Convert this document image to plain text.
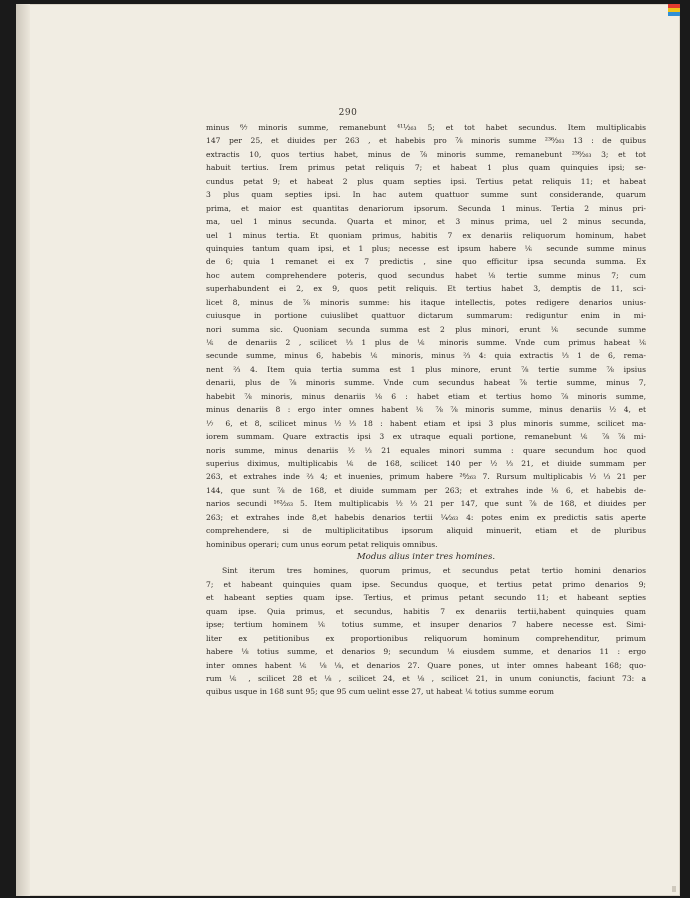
290
minus ⁶⁄₇ minoris summe, remanebunt ⁴¹¹⁄₂₆₃ 5; et tot habet secundus. Item multiplicabis
147 per 25, et diuides per 263 , et habebis pro ⁷⁄₈ minoris summe ²³⁶⁄₂₆₃ 13 : de quibus
extractis 10, quos tertius habet, minus de ⁷⁄₈ minoris summe, remanebunt ²³⁶⁄₂₆₃ 3; et tot
habuit tertius. Irem primus petat reliquis 7; et habeat 1 plus quam quinquies ipsi; se-
cundus petat 9; et habeat 2 plus quam septies ipsi. Tertius petat reliquis 11; et habeat
3 plus quam septies ipsi. In hac autem quattuor summe sunt considerande, quarum
prima, et maior est quantitas denariorum ipsorum. Secunda 1 minus. Tertia 2 minus pri-
ma, uel 1 minus secunda. Quarta et minor, et 3 minus prima, uel 2 minus secunda,
uel 1 minus tertia. Et quoniam primus, habitis 7 ex denariis reliquorum hominum, habet
quinquies tantum quam ipsi, et 1 plus; necesse est ipsum habere ⅙ secunde summe minus
de 6; quia 1 remanet ei ex 7 predictis , sine quo efficitur ipsa secunda summa. Ex
hoc autem comprehendere poteris, quod secundus habet ⅛ tertie summe minus 7; cum
superhabundent ei 2, ex 9, quos petit reliquis. Et tertius habet 3, demptis de 11, sci-
licet 8, minus de ⅞ minoris summe: his itaque intellectis, potes redigere denarios unius-
cuiusque in portione cuiuslibet quattuor dictarum summarum: rediguntur enim in mi-
nori summa sic. Quoniam secunda summa est 2 plus minori, erunt ⅙ secunde summe
⅙ de denariis 2 , scilicet ⅓ 1 plus de ⅙ minoris summe. Vnde cum primus habeat ⅙
secunde summe, minus 6, habebis ⅙ minoris, minus ⅔ 4: quia extractis ⅓ 1 de 6, rema-
nent ⅔ 4. Item quia tertia summa est 1 plus minore, erunt ⅞ tertie summe ⅞ ipsius
denarii, plus de ⅞ minoris summe. Vnde cum secundus habeat ⅞ tertie summe, minus 7,
habebit ⅞ minoris, minus denariis ⅛ 6 : habet etiam et tertius homo ⅞ minoris summe,
minus denariis 8 : ergo inter omnes habent ⅙ ⅞ ⅞ minoris summe, minus denariis ½ 4, et
⅐ 6, et 8, scilicet minus ½ ⅓ 18 : habent etiam et ipsi 3 plus minoris summe, scilicet ma-
iorem summam. Quare extractis ipsi 3 ex utraque equali portione, remanebunt ⅙ ⅞ ⅞ mi-
noris summe, minus denariis ½ ⅓ 21 equales minori summa : quare secundum hoc quod
superius diximus, multiplicabis ⅙ de 168, scilicet 140 per ½ ⅓ 21, et diuide summam per
263, et extrahes inde ⅔ 4; et inuenies, primum habere ²⁶⁄₂₆₃ 7. Rursum multiplicabis ½ ⅓ 21 per
144, que sunt ⅞ de 168, et diuide summam per 263; et extrahes inde ⅛ 6, et habebis de-
narios secundi ¹⁶²⁄₂₆₃ 5. Item multiplicabis ½ ⅓ 21 per 147, que sunt ⅞ de 168, et diuides per
263; et extrahes inde 8,et habebis denarios tertii ¼⁄₂₆₃ 4: potes enim ex predictis satis aperte
comprehendere, si de multiplicitatibus ipsorum aliquid minuerit, etiam et de pluribus
hominibus operari; cum unus eorum petat reliquis omnibus.
Modus alius inter tres homines.
Sint iterum tres homines, quorum primus, et secundus petat tertio homini denarios
7; et habeant quinquies quam ipse. Secundus quoque, et tertius petat primo denarios 9;
et habeant septies quam ipse. Tertius, et primus petant secundo 11; et habeant septies
quam ipse. Quia primus, et secundus, habitis 7 ex denariis tertii,habent quinquies quam
ipse; tertium hominem ⅙ totius summe, et insuper denarios 7 habere necesse est. Simi-
liter ex petitionibus ex proportionibus reliquorum hominum comprehenditur, primum
habere ⅛ totius summe, et denarios 9; secundum ⅛ eiusdem summe, et denarios 11 : ergo
inter omnes habent ⅙ ⅛ ⅛, et denarios 27. Quare pones, ut inter omnes habeant 168; quo-
rum ⅙ , scilicet 28 et ⅛ , scilicet 24, et ⅛ , scilicet 21, in unum coniunctis, faciunt 73: a
quibus usque in 168 sunt 95; que 95 cum uelint esse 27, ut habeat ⅙ totius summe eorum
